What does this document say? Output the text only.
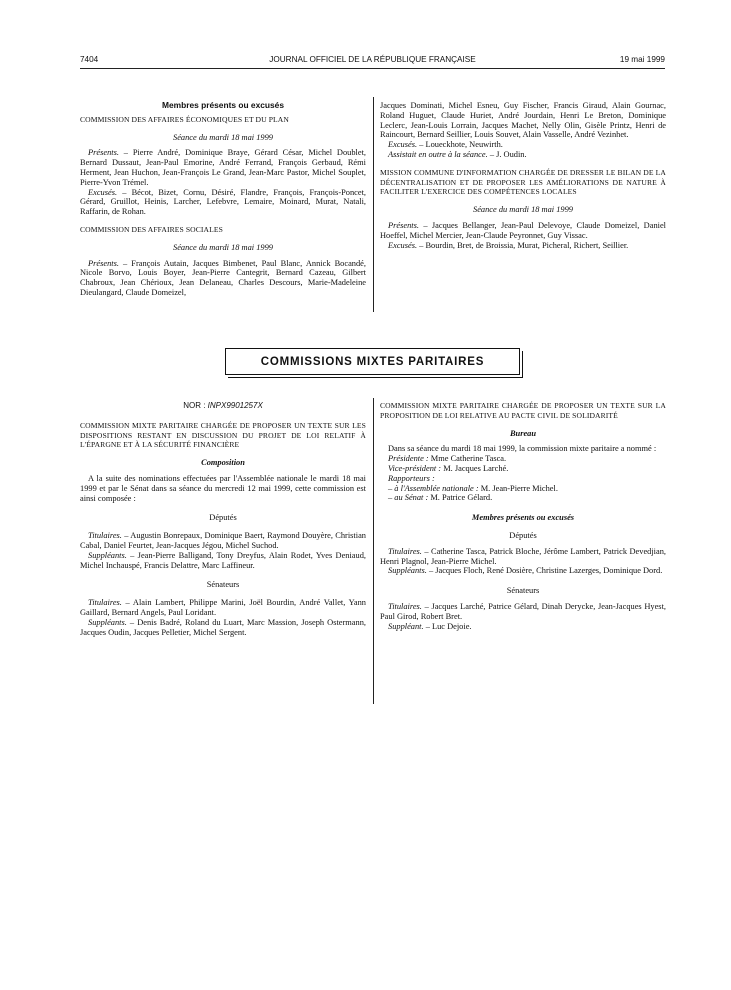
7404	JOURNAL OFFICIEL DE LA RÉPUBLIQUE FRANÇAISE	19 mai 1999

Membres présents ou excusés

COMMISSION DES AFFAIRES ÉCONOMIQUES ET DU PLAN

Séance du mardi 18 mai 1999

Présents. – Pierre André, Dominique Braye, Gérard César, Michel Doublet, Bernard Dussaut, Jean-Paul Emorine, André Ferrand, François Gerbaud, Rémi Herment, Jean Huchon, Jean-François Le Grand, Jean-Marc Pastor, Michel Souplet, Pierre-Yvon Trémel.

Excusés. – Bécot, Bizet, Cornu, Désiré, Flandre, François, François-Poncet, Gérard, Gruillot, Heinis, Larcher, Lefebvre, Lemaire, Moinard, Murat, Natali, Raffarin, de Rohan.

COMMISSION DES AFFAIRES SOCIALES

Séance du mardi 18 mai 1999

Présents. – François Autain, Jacques Bimbenet, Paul Blanc, Annick Bocandé, Nicole Borvo, Louis Boyer, Jean-Pierre Cantegrit, Bernard Cazeau, Gilbert Chabroux, Jean Chérioux, Jean Delaneau, Charles Descours, Marie-Madeleine Dieulangard, Claude Domeizel,

Jacques Dominati, Michel Esneu, Guy Fischer, Francis Giraud, Alain Gournac, Roland Huguet, Claude Huriet, André Jourdain, Henri Le Breton, Dominique Leclerc, Jean-Louis Lorrain, Jacques Machet, Nelly Olin, Gisèle Printz, Henri de Raincourt, Bernard Seillier, Louis Souvet, Alain Vasselle, André Vezinhet.

Excusés. – Loueckhote, Neuwirth.

Assistait en outre à la séance. – J. Oudin.

MISSION COMMUNE D'INFORMATION CHARGÉE DE DRESSER LE BILAN DE LA DÉCENTRALISATION ET DE PROPOSER LES AMÉLIORATIONS DE NATURE À FACILITER L'EXERCICE DES COMPÉTENCES LOCALES

Séance du mardi 18 mai 1999

Présents. – Jacques Bellanger, Jean-Paul Delevoye, Claude Domeizel, Daniel Hoeffel, Michel Mercier, Jean-Claude Peyronnet, Guy Vissac.

Excusés. – Bourdin, Bret, de Broissia, Murat, Picheral, Richert, Seillier.

COMMISSIONS MIXTES PARITAIRES

NOR : INPX9901257X

COMMISSION MIXTE PARITAIRE CHARGÉE DE PROPOSER UN TEXTE SUR LES DISPOSITIONS RESTANT EN DISCUSSION DU PROJET DE LOI RELATIF À L'ÉPARGNE ET À LA SÉCURITÉ FINANCIÈRE

Composition

A la suite des nominations effectuées par l'Assemblée nationale le mardi 18 mai 1999 et par le Sénat dans sa séance du mercredi 12 mai 1999, cette commission est ainsi composée :

Députés

Titulaires. – Augustin Bonrepaux, Dominique Baert, Raymond Douyère, Christian Cabal, Daniel Feurtet, Jean-Jacques Jégou, Michel Suchod.

Suppléants. – Jean-Pierre Balligand, Tony Dreyfus, Alain Rodet, Yves Deniaud, Michel Inchauspé, Francis Delattre, Marc Laffineur.

Sénateurs

Titulaires. – Alain Lambert, Philippe Marini, Joël Bourdin, André Vallet, Yann Gaillard, Bernard Angels, Paul Loridant.

Suppléants. – Denis Badré, Roland du Luart, Marc Massion, Joseph Ostermann, Jacques Oudin, Jacques Pelletier, Michel Sergent.

COMMISSION MIXTE PARITAIRE CHARGÉE DE PROPOSER UN TEXTE SUR LA PROPOSITION DE LOI RELATIVE AU PACTE CIVIL DE SOLIDARITÉ

Bureau

Dans sa séance du mardi 18 mai 1999, la commission mixte paritaire a nommé :

Présidente : Mme Catherine Tasca.

Vice-président : M. Jacques Larché.

Rapporteurs :

– à l'Assemblée nationale : M. Jean-Pierre Michel.

– au Sénat : M. Patrice Gélard.

Membres présents ou excusés

Députés

Titulaires. – Catherine Tasca, Patrick Bloche, Jérôme Lambert, Patrick Devedjian, Henri Plagnol, Jean-Pierre Michel.

Suppléants. – Jacques Floch, René Dosière, Christine Lazerges, Dominique Dord.

Sénateurs

Titulaires. – Jacques Larché, Patrice Gélard, Dinah Derycke, Jean-Jacques Hyest, Paul Girod, Robert Bret.

Suppléant. – Luc Dejoie.
